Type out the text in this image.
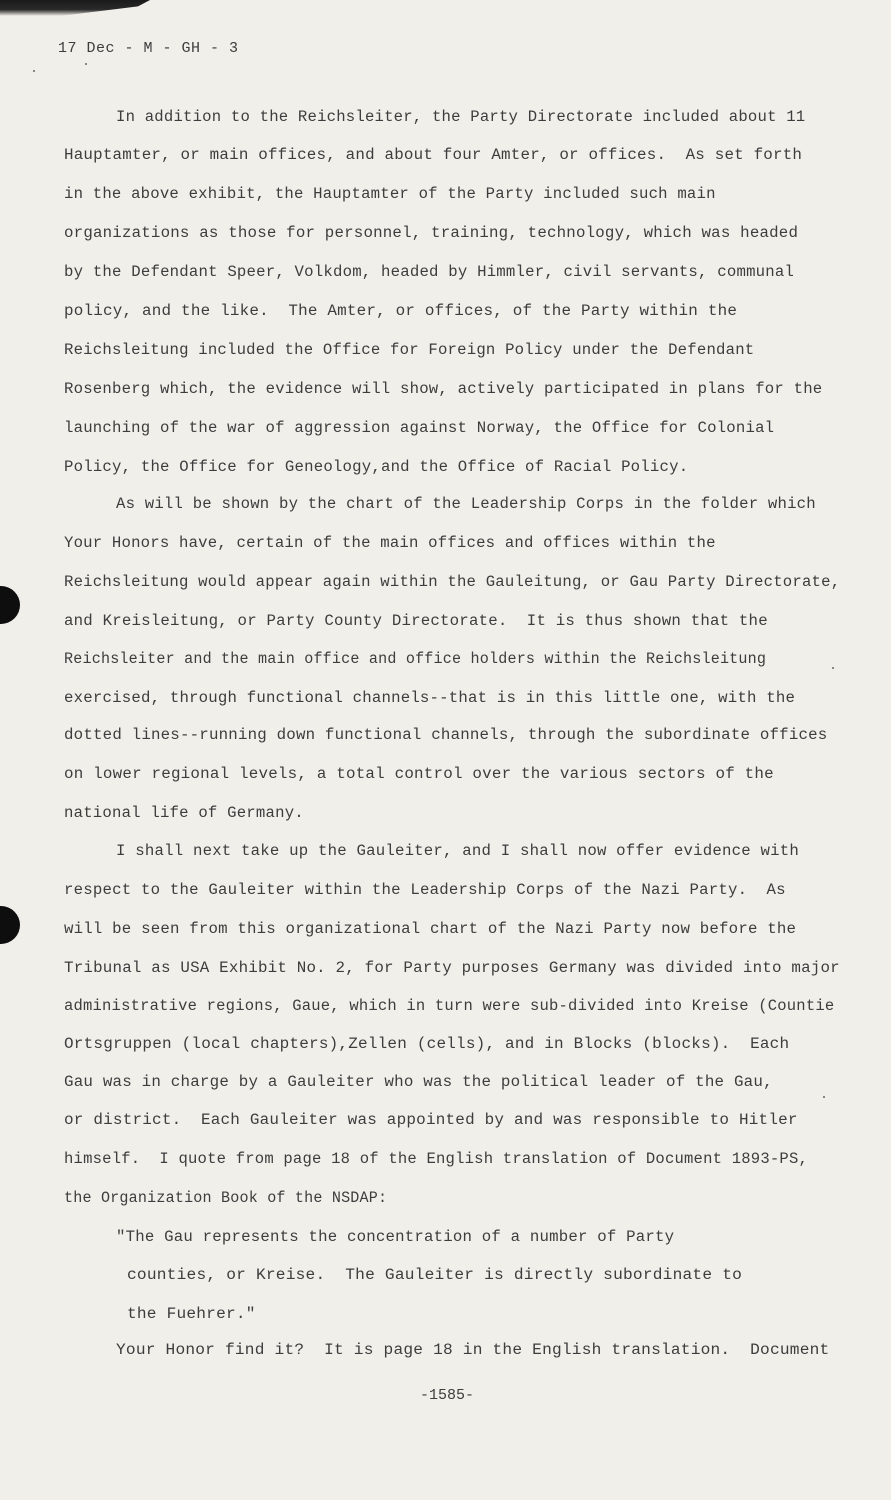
17 Dec - M - GH - 3
In addition to the Reichsleiter, the Party Directorate included about 11
Hauptamter, or main offices, and about four Amter, or offices.  As set forth
in the above exhibit, the Hauptamter of the Party included such main
organizations as those for personnel, training, technology, which was headed
by the Defendant Speer, Volkdom, headed by Himmler, civil servants, communal
policy, and the like.  The Amter, or offices, of the Party within the
Reichsleitung included the Office for Foreign Policy under the Defendant
Rosenberg which, the evidence will show, actively participated in plans for the
launching of the war of aggression against Norway, the Office for Colonial
Policy, the Office for Geneology,and the Office of Racial Policy.
As will be shown by the chart of the Leadership Corps in the folder which
Your Honors have, certain of the main offices and offices within the
Reichsleitung would appear again within the Gauleitung, or Gau Party Directorate,
and Kreisleitung, or Party County Directorate.  It is thus shown that the
Reichsleiter and the main office and office holders within the Reichsleitung
exercised, through functional channels--that is in this little one, with the
dotted lines--running down functional channels, through the subordinate offices
on lower regional levels, a total control over the various sectors of the
national life of Germany.
I shall next take up the Gauleiter, and I shall now offer evidence with
respect to the Gauleiter within the Leadership Corps of the Nazi Party.  As
will be seen from this organizational chart of the Nazi Party now before the
Tribunal as USA Exhibit No. 2, for Party purposes Germany was divided into major
administrative regions, Gaue, which in turn were sub-divided into Kreise (Countie
Ortsgruppen (local chapters),Zellen (cells), and in Blocks (blocks).  Each
Gau was in charge by a Gauleiter who was the political leader of the Gau,
or district.  Each Gauleiter was appointed by and was responsible to Hitler
himself.  I quote from page 18 of the English translation of Document 1893-PS,
the Organization Book of the NSDAP:
"The Gau represents the concentration of a number of Party
counties, or Kreise.  The Gauleiter is directly subordinate to
the Fuehrer."
Your Honor find it?  It is page 18 in the English translation.  Document
-1585-
